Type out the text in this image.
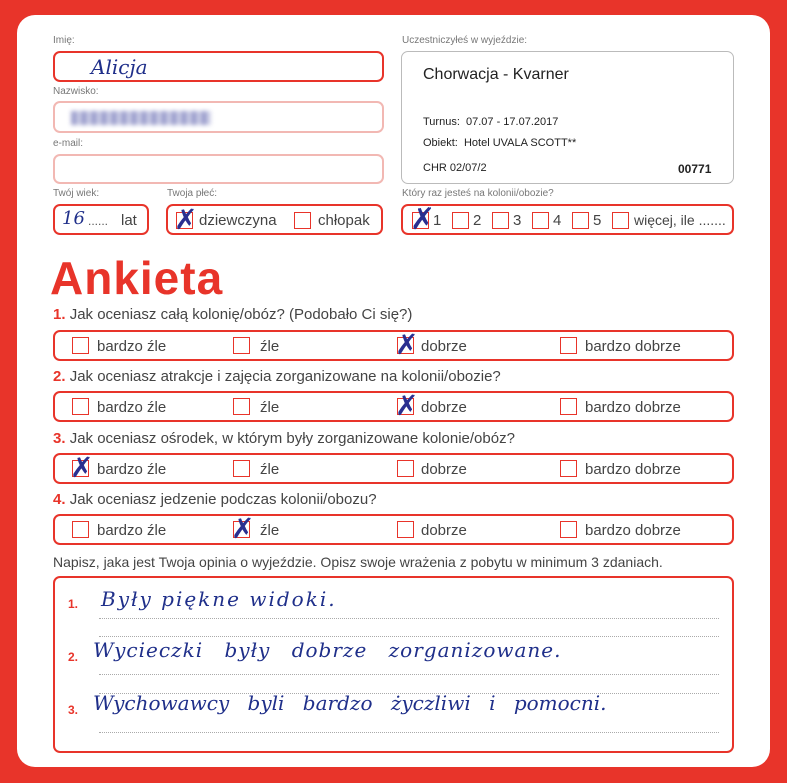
Imię:
Alicja
Nazwisko:
e-mail:
Uczestniczyłeś w wyjeździe:
Chorwacja - Kvarner
Turnus:  07.07 - 17.07.2017
Obiekt:  Hotel UVALA SCOTT**
CHR 02/07/2	00771
Twój wiek:
16 ...... lat
Twoja płeć:
✗ dziewczyna	chłopak
Który raz jesteś na kolonii/obozie?
✗
1 2 3 4 5 więcej, ile .......
Ankieta
1. Jak oceniasz całą kolonię/obóz? (Podobało Ci się?)
bardzo źle	źle	✗ dobrze	bardzo dobrze
2. Jak oceniasz atrakcje i zajęcia zorganizowane na kolonii/obozie?
bardzo źle	źle	✗ dobrze	bardzo dobrze
3. Jak oceniasz ośrodek, w którym były zorganizowane kolonie/obóz?
✗ bardzo źle	źle	dobrze	bardzo dobrze
4. Jak oceniasz jedzenie podczas kolonii/obozu?
bardzo źle ✗ źle	dobrze	bardzo dobrze
Napisz, jaka jest Twoja opinia o wyjeździe. Opisz swoje wrażenia z pobytu w minimum 3 zdaniach.
1. Były piękne widoki.
2. Wycieczki były dobrze zorganizowane.
3. Wychowawcy byli bardzo życzliwi i pomocni.
